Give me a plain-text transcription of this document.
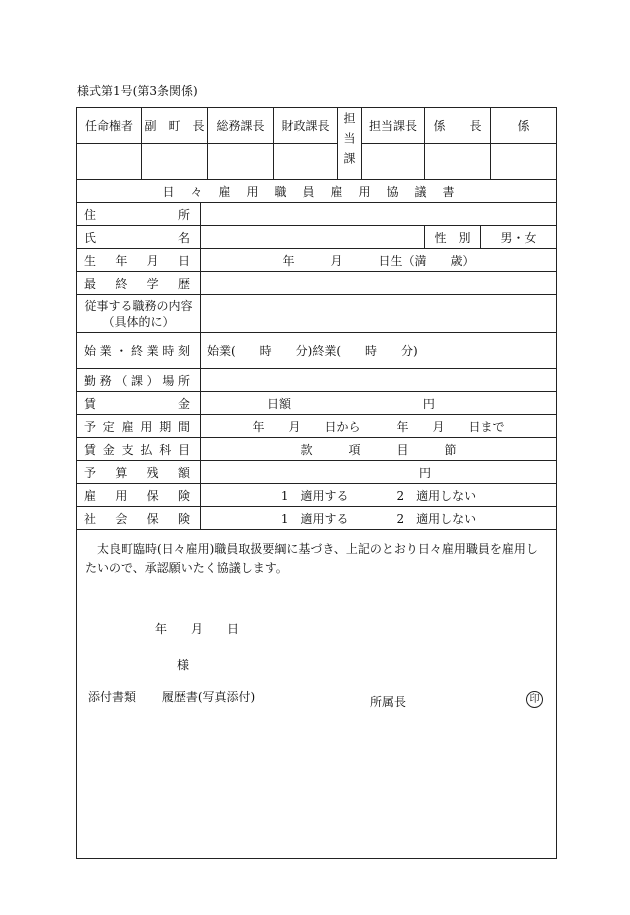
様式第1号(第3条関係)
任命権者	副　町　長	総務課長	財政課長	担当課	担当課長	係　　長	係

日々雇用職員雇用協議書			
住所			
氏名		性　別	男・女
生年月日	年　　　月　　　日生（満　　歳）		
最終学歴			

従事する職務の内容
（具体的に）			

始業・終業時刻	始業(　　時　　分)終業(　　時　　分)		
勤務（課）場所			
賃金	日額 円		
予定雇用期間	年　　月　　日から　　　年　　月　　日まで		
賃金支払科目	款　　　項　　　目　　　節		
予算残額	円		
雇用保険	1　適用する　　　　2　適用しない		
社会保険	1　適用する　　　　2　適用しない		

太良町臨時(日々雇用)職員取扱要綱に基づき、上記のとおり日々雇用職員を雇用したいので、承認願いたく協議します。
年　　月　　日
様
所属長 印			
添付書類 履歴書(写真添付)
